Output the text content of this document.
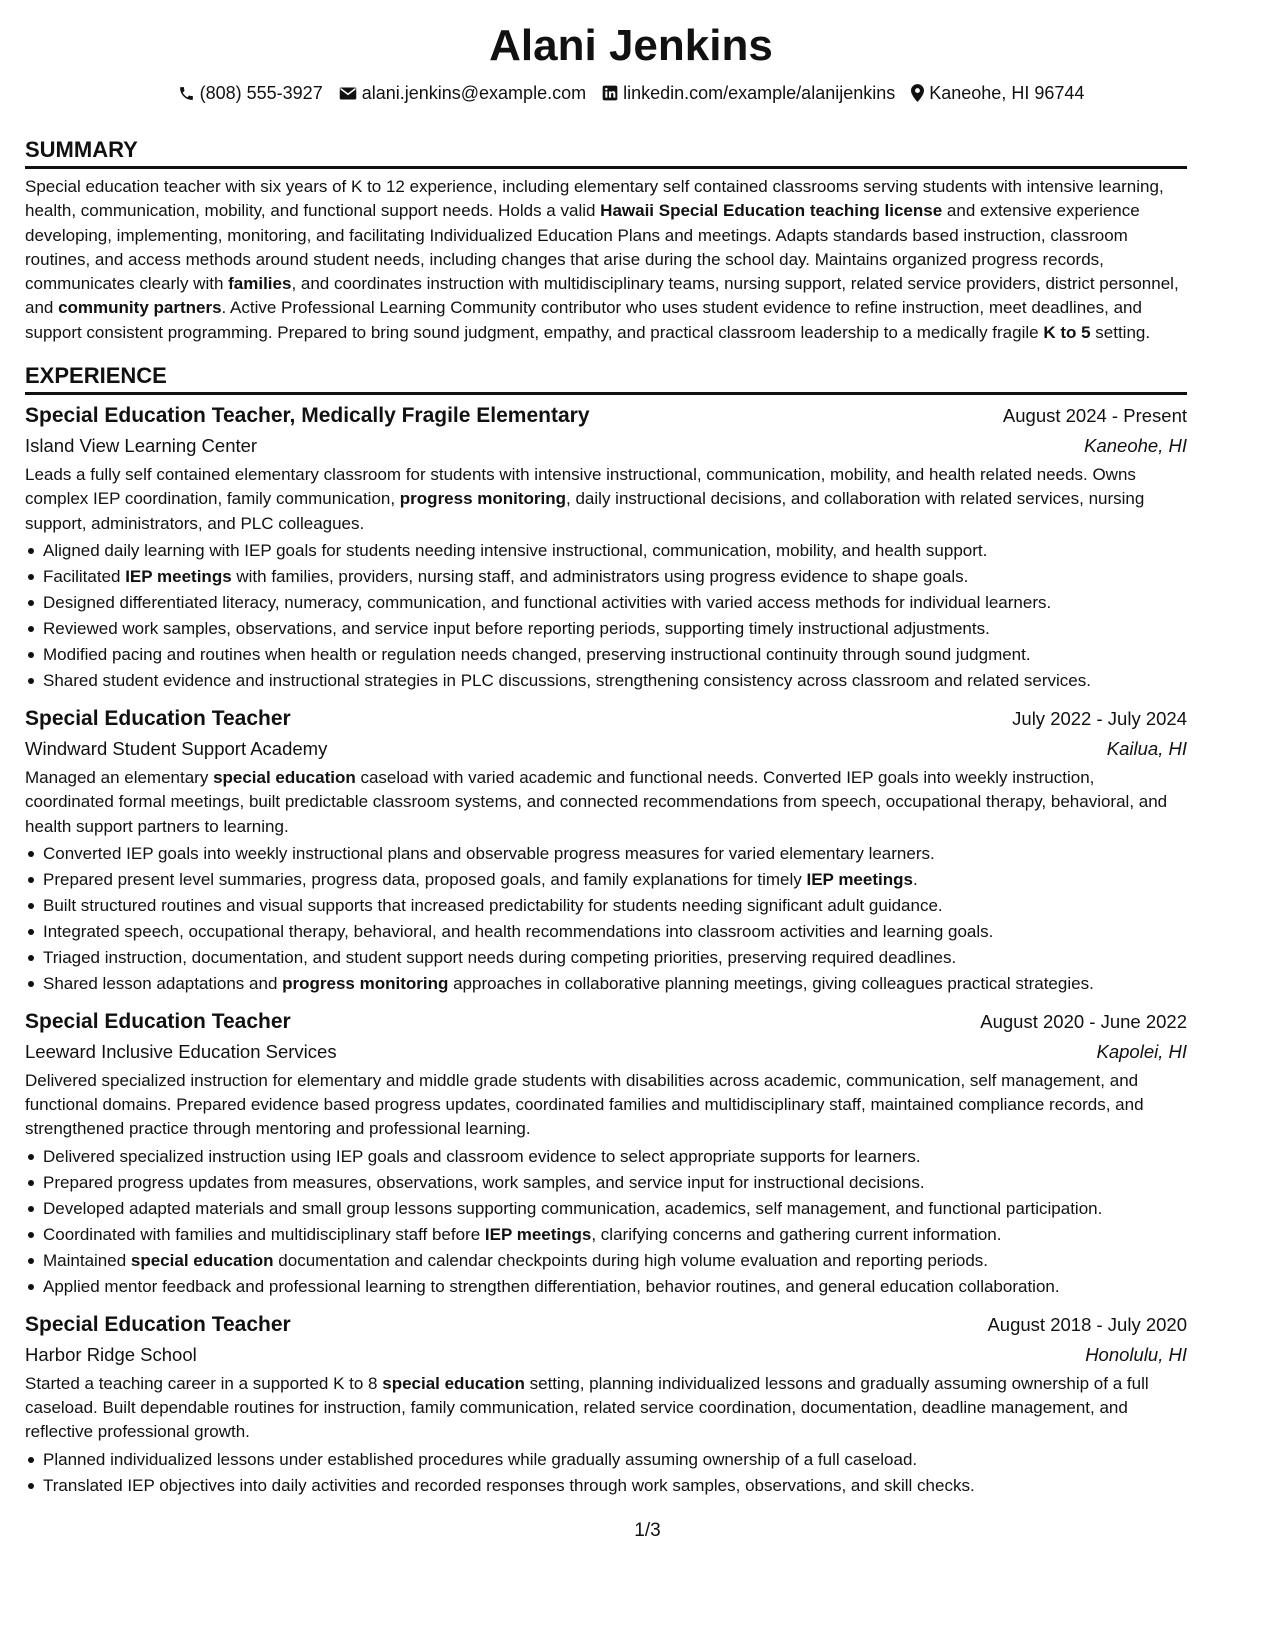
Alani Jenkins
(808) 555-3927 alani.jenkins@example.com linkedin.com/example/alanijenkins Kaneohe, HI 96744
SUMMARY

Special education teacher with six years of K to 12 experience, including elementary self contained classrooms serving students with intensive learning, health, communication, mobility, and functional support needs. Holds a valid Hawaii Special Education teaching license and extensive experience developing, implementing, monitoring, and facilitating Individualized Education Plans and meetings. Adapts standards based instruction, classroom routines, and access methods around student needs, including changes that arise during the school day. Maintains organized progress records, communicates clearly with families, and coordinates instruction with multidisciplinary teams, nursing support, related service providers, district personnel, and community partners. Active Professional Learning Community contributor who uses student evidence to refine instruction, meet deadlines, and support consistent programming. Prepared to bring sound judgment, empathy, and practical classroom leadership to a medically fragile K to 5 setting.

EXPERIENCE
Special Education Teacher, Medically Fragile Elementary	August 2024 - Present
Island View Learning Center	Kaneohe, HI

Leads a fully self contained elementary classroom for students with intensive instructional, communication, mobility, and health related needs. Owns complex IEP coordination, family communication, progress monitoring, daily instructional decisions, and collaboration with related services, nursing support, administrators, and PLC colleagues.

Aligned daily learning with IEP goals for students needing intensive instructional, communication, mobility, and health support.
Facilitated IEP meetings with families, providers, nursing staff, and administrators using progress evidence to shape goals.
Designed differentiated literacy, numeracy, communication, and functional activities with varied access methods for individual learners.
Reviewed work samples, observations, and service input before reporting periods, supporting timely instructional adjustments.
Modified pacing and routines when health or regulation needs changed, preserving instructional continuity through sound judgment.
Shared student evidence and instructional strategies in PLC discussions, strengthening consistency across classroom and related services.
Special Education Teacher	July 2022 - July 2024
Windward Student Support Academy	Kailua, HI

Managed an elementary special education caseload with varied academic and functional needs. Converted IEP goals into weekly instruction, coordinated formal meetings, built predictable classroom systems, and connected recommendations from speech, occupational therapy, behavioral, and health support partners to learning.

Converted IEP goals into weekly instructional plans and observable progress measures for varied elementary learners.
Prepared present level summaries, progress data, proposed goals, and family explanations for timely IEP meetings.
Built structured routines and visual supports that increased predictability for students needing significant adult guidance.
Integrated speech, occupational therapy, behavioral, and health recommendations into classroom activities and learning goals.
Triaged instruction, documentation, and student support needs during competing priorities, preserving required deadlines.
Shared lesson adaptations and progress monitoring approaches in collaborative planning meetings, giving colleagues practical strategies.
Special Education Teacher	August 2020 - June 2022
Leeward Inclusive Education Services	Kapolei, HI

Delivered specialized instruction for elementary and middle grade students with disabilities across academic, communication, self management, and functional domains. Prepared evidence based progress updates, coordinated families and multidisciplinary staff, maintained compliance records, and strengthened practice through mentoring and professional learning.

Delivered specialized instruction using IEP goals and classroom evidence to select appropriate supports for learners.
Prepared progress updates from measures, observations, work samples, and service input for instructional decisions.
Developed adapted materials and small group lessons supporting communication, academics, self management, and functional participation.
Coordinated with families and multidisciplinary staff before IEP meetings, clarifying concerns and gathering current information.
Maintained special education documentation and calendar checkpoints during high volume evaluation and reporting periods.
Applied mentor feedback and professional learning to strengthen differentiation, behavior routines, and general education collaboration.
Special Education Teacher	August 2018 - July 2020
Harbor Ridge School	Honolulu, HI

Started a teaching career in a supported K to 8 special education setting, planning individualized lessons and gradually assuming ownership of a full caseload. Built dependable routines for instruction, family communication, related service coordination, documentation, deadline management, and reflective professional growth.

Planned individualized lessons under established procedures while gradually assuming ownership of a full caseload.
Translated IEP objectives into daily activities and recorded responses through work samples, observations, and skill checks.
1/3
